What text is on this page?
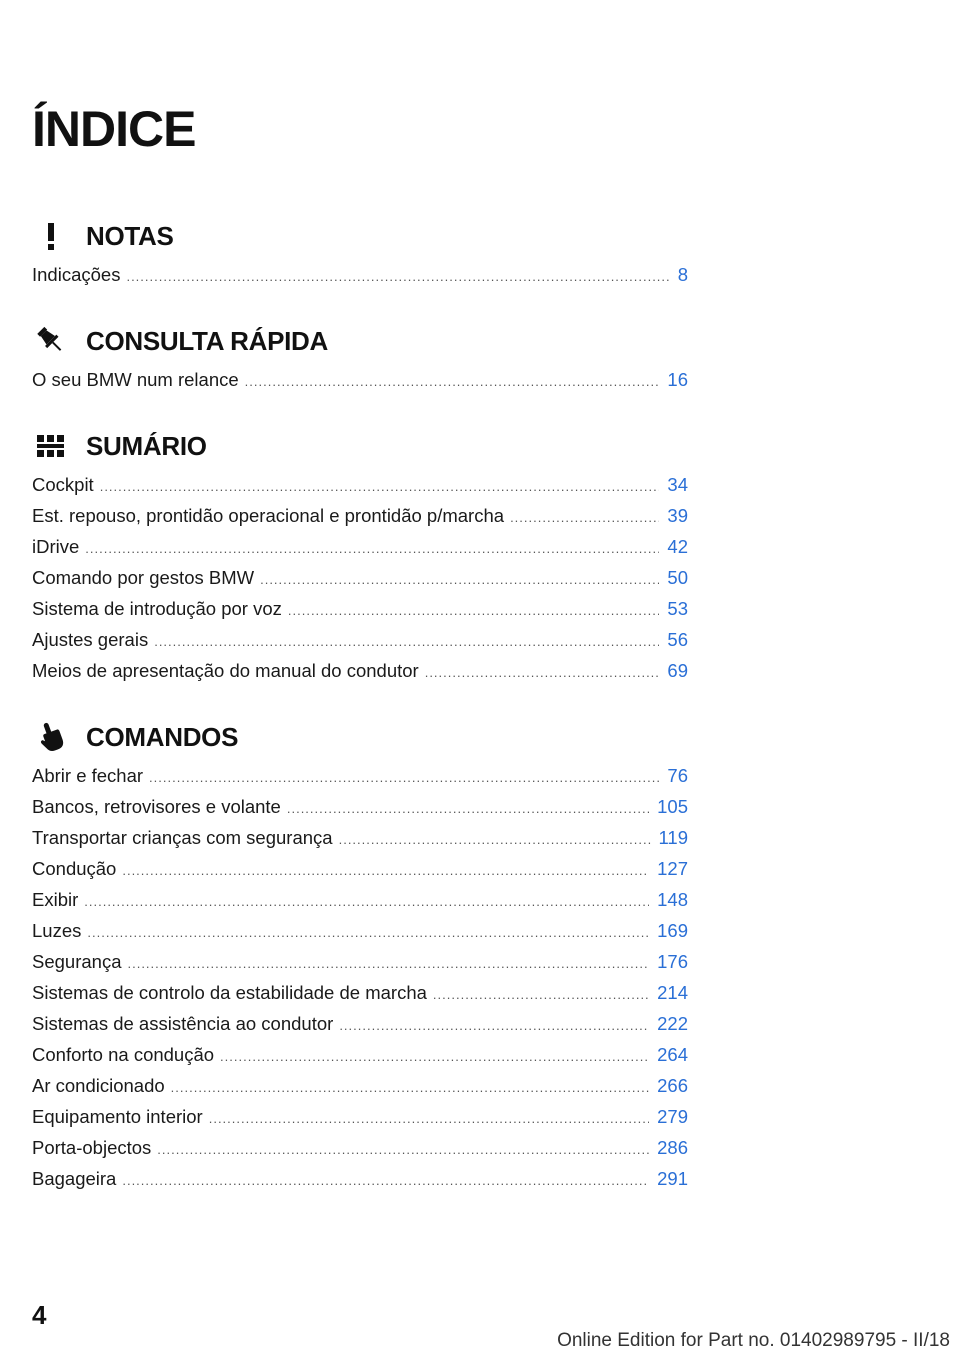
ÍNDICE
NOTAS
Indicações .....	8
CONSULTA RÁPIDA
O seu BMW num relance .....	16
SUMÁRIO
Cockpit .....	34
Est. repouso, prontidão operacional e prontidão p/marcha .....	39
iDrive .....	42
Comando por gestos BMW .....	50
Sistema de introdução por voz .....	53
Ajustes gerais .....	56
Meios de apresentação do manual do condutor .....	69
COMANDOS
Abrir e fechar .....	76
Bancos, retrovisores e volante .....	105
Transportar crianças com segurança .....	119
Condução .....	127
Exibir .....	148
Luzes .....	169
Segurança .....	176
Sistemas de controlo da estabilidade de marcha .....	214
Sistemas de assistência ao condutor .....	222
Conforto na condução .....	264
Ar condicionado .....	266
Equipamento interior .....	279
Porta-objectos .....	286
Bagageira .....	291
4
Online Edition for Part no. 01402989795 - II/18
